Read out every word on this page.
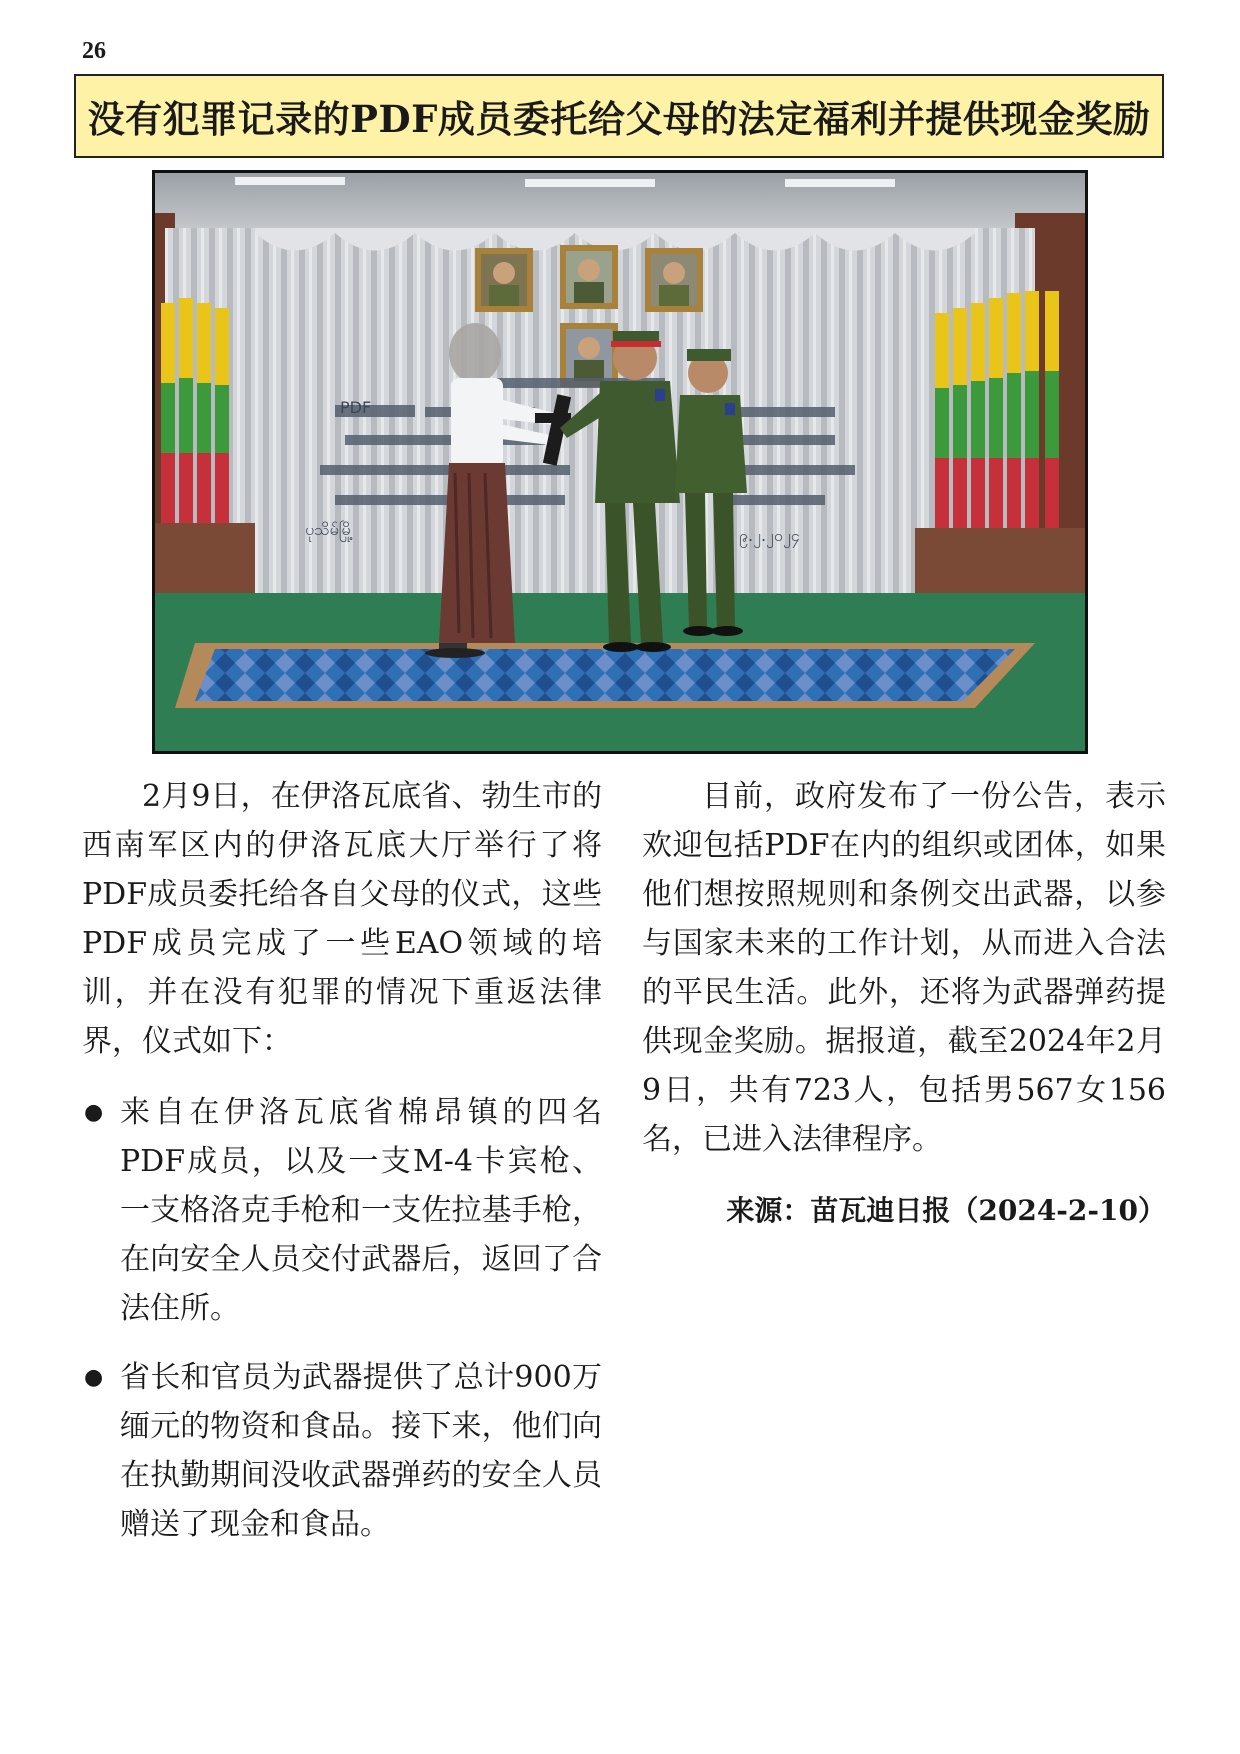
26
没有犯罪记录的PDF成员委托给父母的法定福利并提供现金奖励
ပုသိမ်မြို့	၉.၂.၂၀၂၄
PDF

2月9日，在伊洛瓦底省、勃生市的西南军区内的伊洛瓦底大厅举行了将PDF成员委托给各自父母的仪式，这些PDF成员完成了一些EAO领域的培训，并在没有犯罪的情况下重返法律界，仪式如下：

● 来自在伊洛瓦底省棉昂镇的四名PDF成员，以及一支M-4卡宾枪、一支格洛克手枪和一支佐拉基手枪，在向安全人员交付武器后，返回了合法住所。
● 省长和官员为武器提供了总计900万缅元的物资和食品。接下来，他们向在执勤期间没收武器弹药的安全人员赠送了现金和食品。

目前，政府发布了一份公告，表示欢迎包括PDF在内的组织或团体，如果他们想按照规则和条例交出武器，以参与国家未来的工作计划，从而进入合法的平民生活。此外，还将为武器弹药提供现金奖励。据报道，截至2024年2月9日，共有723人，包括男567女156名，已进入法律程序。

来源：苗瓦迪日报（2024-2-10）
